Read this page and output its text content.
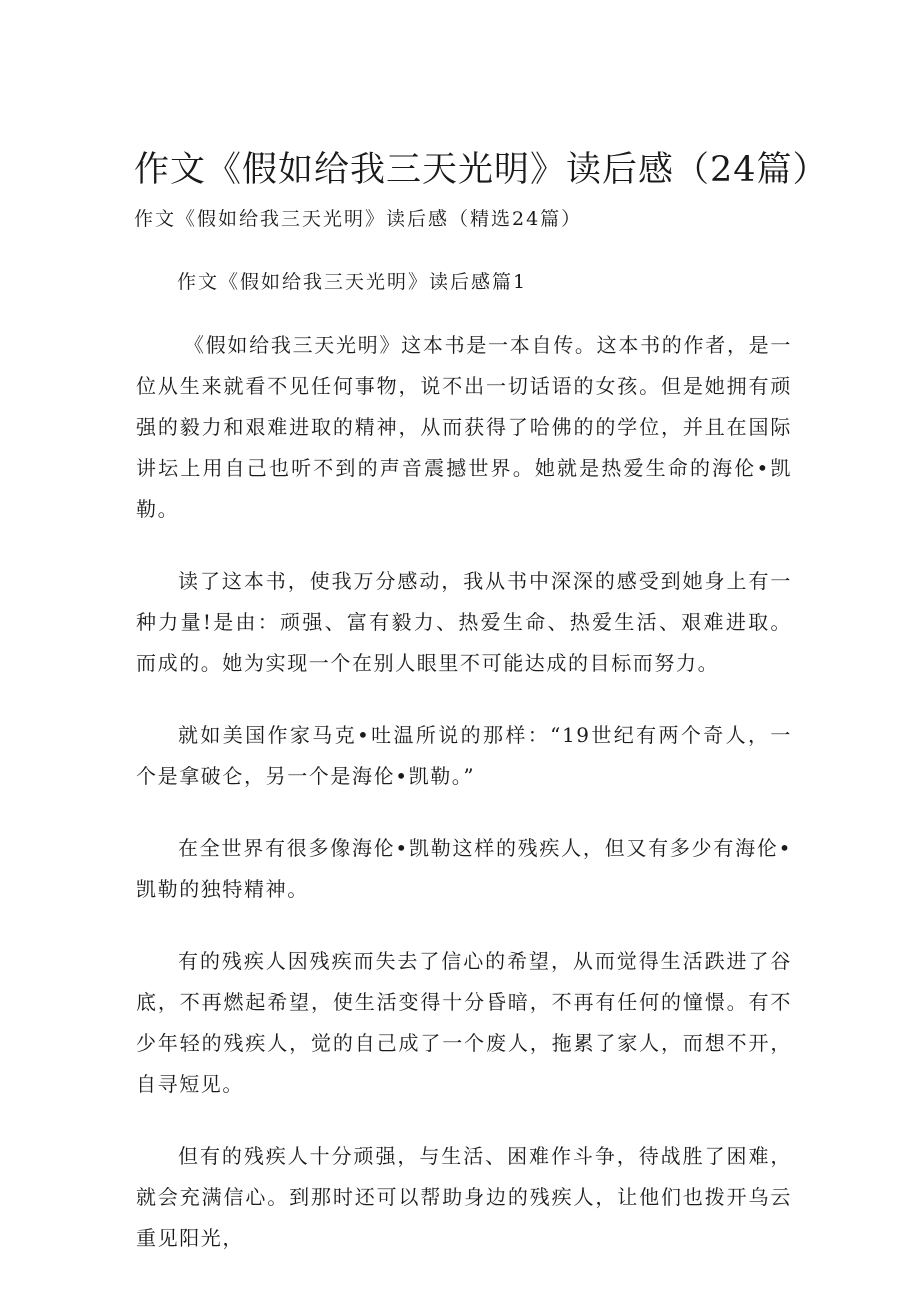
作文《假如给我三天光明》读后感（24篇）

作文《假如给我三天光明》读后感（精选24篇）

作文《假如给我三天光明》读后感篇1

《假如给我三天光明》这本书是一本自传。这本书的作者，是一位从生来就看不见任何事物，说不出一切话语的女孩。但是她拥有顽强的毅力和艰难进取的精神，从而获得了哈佛的的学位，并且在国际讲坛上用自己也听不到的声音震撼世界。她就是热爱生命的海伦•凯勒。

读了这本书，使我万分感动，我从书中深深的感受到她身上有一种力量!是由：顽强、富有毅力、热爱生命、热爱生活、艰难进取。而成的。她为实现一个在别人眼里不可能达成的目标而努力。

就如美国作家马克•吐温所说的那样：“19世纪有两个奇人，一个是拿破仑，另一个是海伦•凯勒。”

在全世界有很多像海伦•凯勒这样的残疾人，但又有多少有海伦•凯勒的独特精神。

有的残疾人因残疾而失去了信心的希望，从而觉得生活跌进了谷底，不再燃起希望，使生活变得十分昏暗，不再有任何的憧憬。有不少年轻的残疾人，觉的自己成了一个废人，拖累了家人，而想不开，自寻短见。

但有的残疾人十分顽强，与生活、困难作斗争，待战胜了困难，就会充满信心。到那时还可以帮助身边的残疾人，让他们也拨开乌云重见阳光，
